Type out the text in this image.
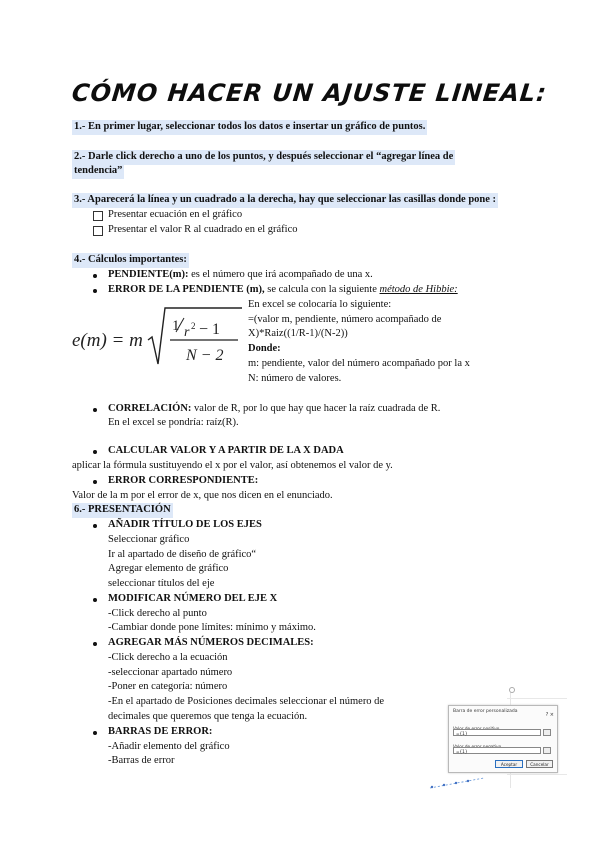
CÓMO HACER UN AJUSTE LINEAL:
1.- En primer lugar, seleccionar todos los datos e insertar un gráfico de puntos.
2.- Darle click derecho a uno de los puntos, y después seleccionar el “agregar línea de
tendencia”
3.- Aparecerá la línea y un cuadrado a la derecha, hay que seleccionar las casillas donde pone :
Presentar ecuación en el gráfico
Presentar el valor R al cuadrado en el gráfico
4.- Cálculos importantes:
PENDIENTE(m): es el número que irá acompañado de una x.
ERROR DE LA PENDIENTE (m), se calcula con la siguiente método de Hibbie:
e(m) = m
1 r 2 − 1
N − 2
En excel se colocaría lo siguiente:
=(valor m, pendiente, número acompañado de
X)*Raiz((1/R-1)/(N-2))
Donde:
m: pendiente, valor del número acompañado por la x
N: número de valores.
CORRELACIÓN: valor de R, por lo que hay que hacer la raíz cuadrada de R.
En el excel se pondría: raíz(R).
CALCULAR VALOR Y A PARTIR DE LA X DADA
aplicar la fórmula sustituyendo el x por el valor, así obtenemos el valor de y.
ERROR CORRESPONDIENTE:
Valor de la m por el error de x, que nos dicen en el enunciado.
6.- PRESENTACIÓN
AÑADIR TÍTULO DE LOS EJES
Seleccionar gráfico
Ir al apartado de diseño de gráfico“
Agregar elemento de gráfico
seleccionar títulos del eje
MODIFICAR NÚMERO DEL EJE X
-Click derecho al punto
-Cambiar donde pone límites: mínimo y máximo.
AGREGAR MÁS NÚMEROS DECIMALES:
-Click derecho a la ecuación
-seleccionar apartado número
-Poner en categoría: número
-En el apartado de Posiciones decimales seleccionar el número de
decimales que queremos que tenga la ecuación.
BARRAS DE ERROR:
-Añadir elemento del gráfico
-Barras de error
Barra de error personalizada
? ×
={1}
={1}
Aceptar	Cancelar
